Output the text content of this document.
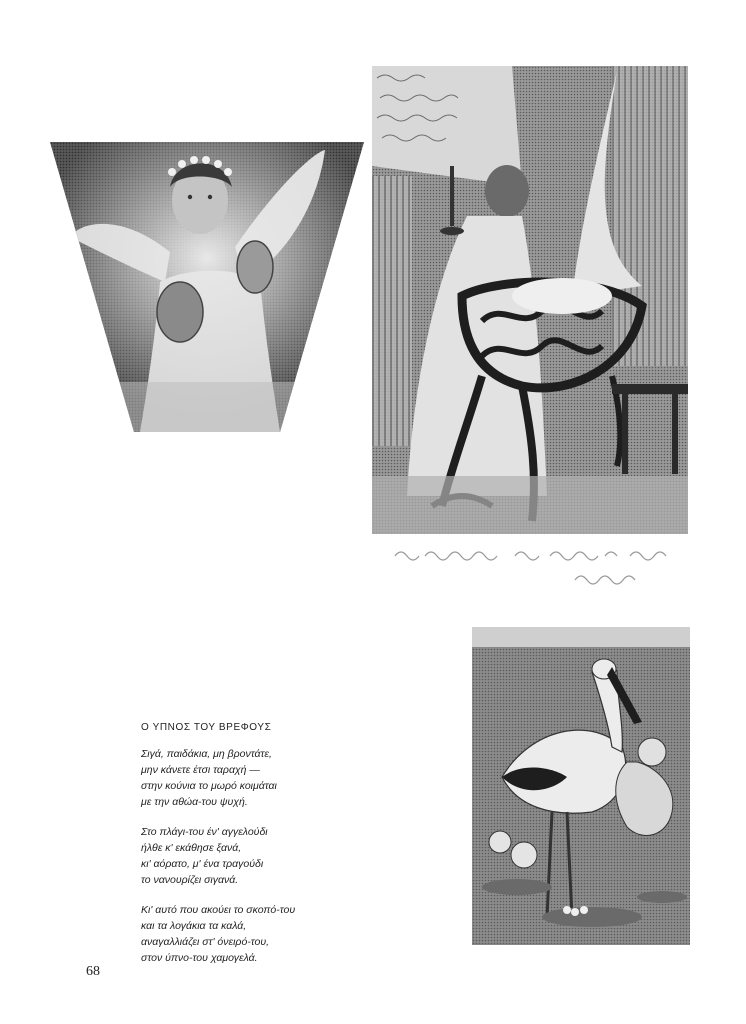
Ο ΥΠΝΟΣ ΤΟΥ ΒΡΕΦΟΥΣ
Σιγά, παιδάκια, μη βροντάτε,
μην κάνετε έτσι ταραχή —
στην κούνια το μωρό κοιμάται
με την αθώα-του ψυχή.
Στο πλάγι-του έν' αγγελούδι
ήλθε κ' εκάθησε ξανά,
κι' αόρατο, μ' ένα τραγούδι
το νανουρίζει σιγανά.
Κι' αυτό που ακούει το σκοπό-του
και τα λογάκια τα καλά,
αναγαλλιάζει στ' όνειρό-του,
στον ύπνο-του χαμογελά.
68
